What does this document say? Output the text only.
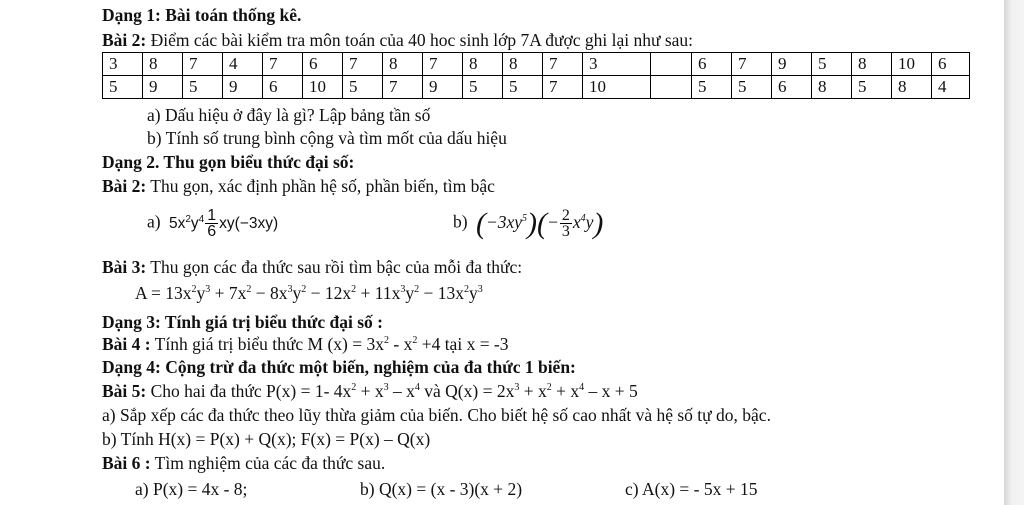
Dạng 1: Bài toán thống kê.
Bài 2: Điểm các bài kiểm tra môn toán của 40 hoc sinh lớp 7A được ghi lại như sau:
3	8	7	4	7	6	7	8	7	8	8	7	3		6	7	9	5	8	10	6
5	9	5	9	6	10	5	7	9	5	5	7	10		5	5	6	8	5	8	4
a) Dấu hiệu ở đây là gì? Lập bảng tần số
b) Tính số trung bình cộng và tìm mốt của dấu hiệu
Dạng 2. Thu gọn biểu thức đại số:
Bài 2: Thu gọn, xác định phần hệ số, phần biến, tìm bậc
a) $5x^2y^4 \frac{1}{6} xy(-3xy)$	b) $(-3xy^5)(- \frac{2}{3} x^4y)$
Bài 3: Thu gọn các đa thức sau rồi tìm bậc của mỗi đa thức:
$A = 13x^2y^3 + 7x^2 - 8x^3y^2 - 12x^2 + 11x^3y^2 - 13x^2y^3$
Dạng 3: Tính giá trị biểu thức đại số :
Bài 4 : Tính giá trị biểu thức M $(x) = 3x^2 - x^2 +4$ tại x = -3
Dạng 4: Cộng trừ đa thức một biến, nghiệm của đa thức 1 biến:
Bài 5: Cho hai đa thức P(x) = 1- $4x^2 + x^3 - x^4$ và $Q(x) = 2x^3 + x^2 + x^4 - x + 5$
a) Sắp xếp các đa thức theo lũy thừa giảm của biến. Cho biết hệ số cao nhất và hệ số tự do, bậc.
b) Tính H(x) = P(x) + Q(x); F(x) = P(x) – Q(x)
Bài 6 : Tìm nghiệm của các đa thức sau.
a) P(x) = 4x - 8;	b) Q(x) = (x - 3)(x + 2)	c) A(x) = - 5x + 15
